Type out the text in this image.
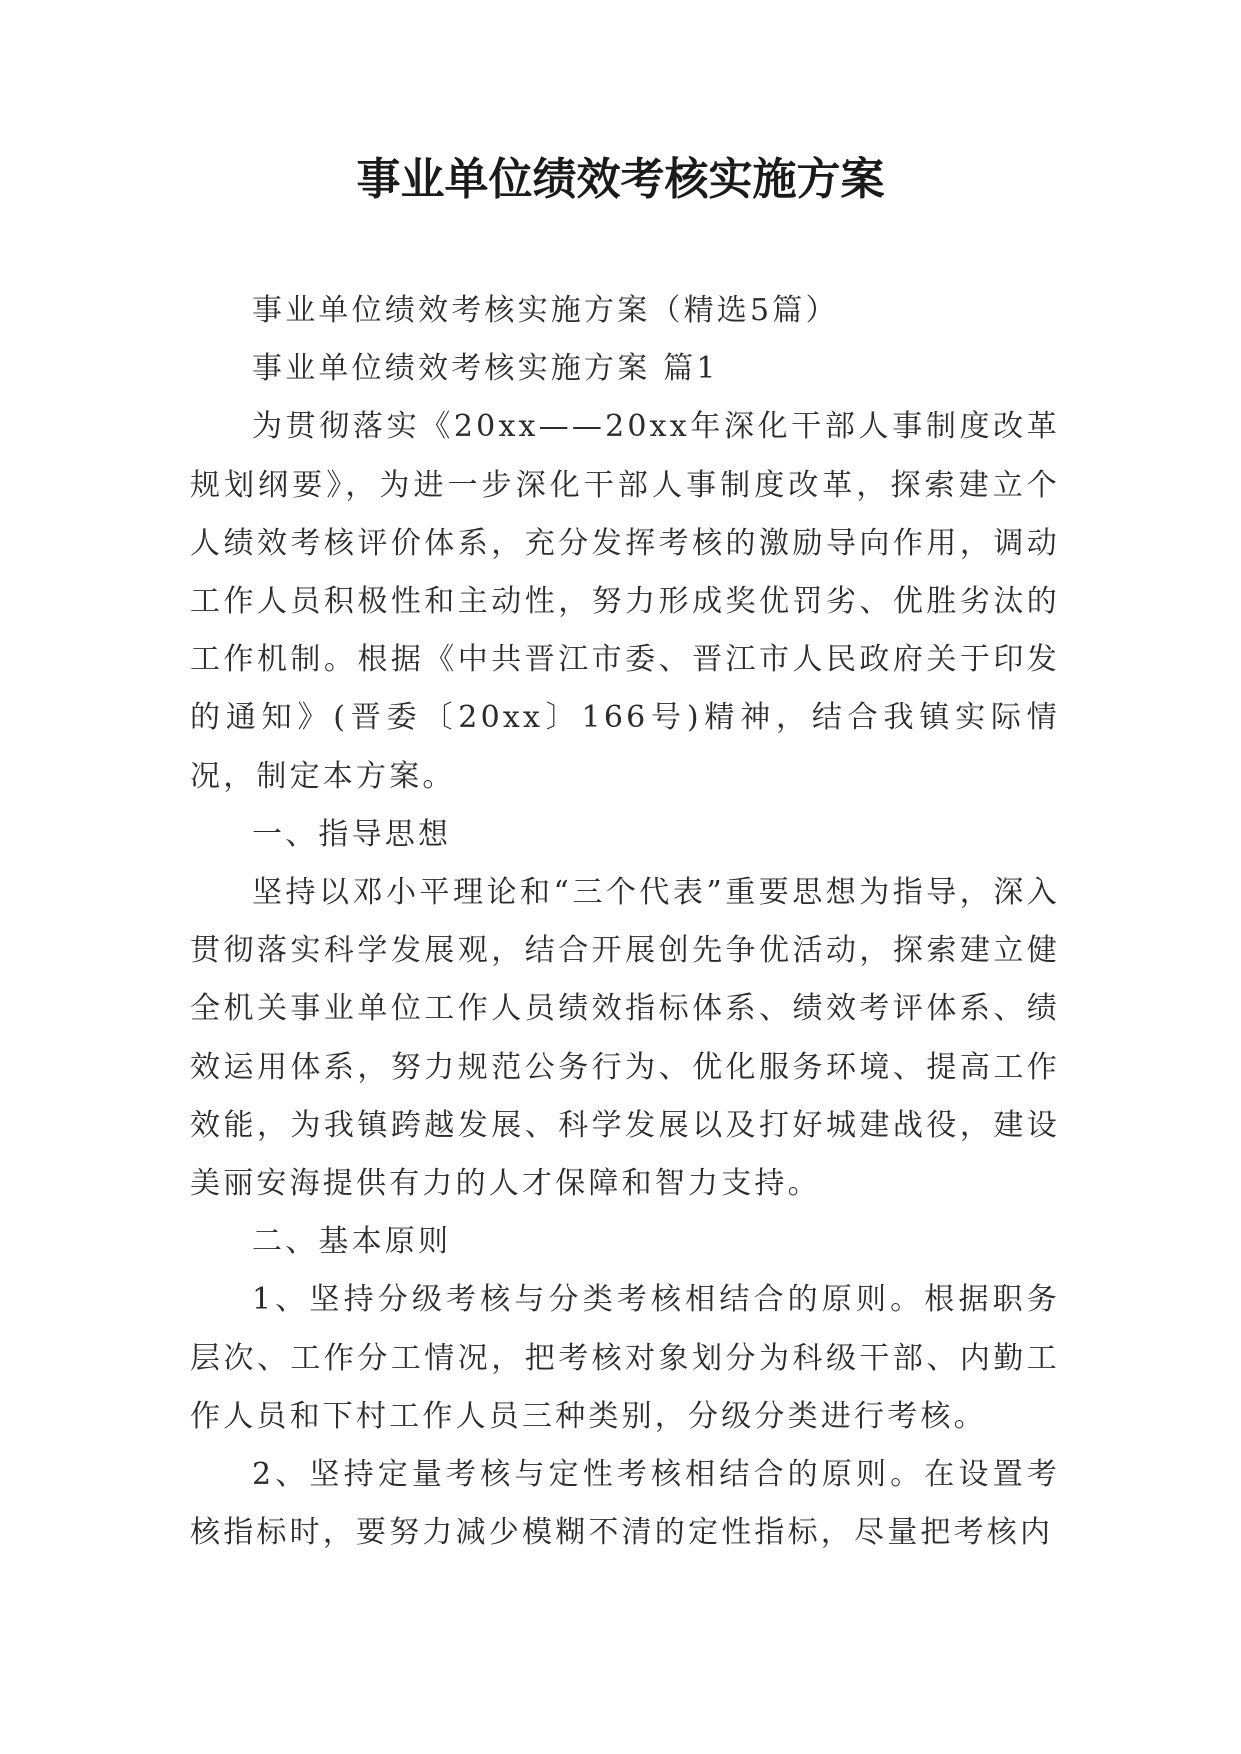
事业单位绩效考核实施方案

事业单位绩效考核实施方案（精选5篇）

事业单位绩效考核实施方案 篇1

为贯彻落实《20xx——20xx年深化干部人事制度改革规划纲要》，为进一步深化干部人事制度改革，探索建立个人绩效考核评价体系，充分发挥考核的激励导向作用，调动工作人员积极性和主动性，努力形成奖优罚劣、优胜劣汰的工作机制。根据《中共晋江市委、晋江市人民政府关于印发的通知》(晋委〔20xx〕166号)精神，结合我镇实际情况，制定本方案。

一、指导思想

坚持以邓小平理论和“三个代表”重要思想为指导，深入贯彻落实科学发展观，结合开展创先争优活动，探索建立健全机关事业单位工作人员绩效指标体系、绩效考评体系、绩效运用体系，努力规范公务行为、优化服务环境、提高工作效能，为我镇跨越发展、科学发展以及打好城建战役，建设美丽安海提供有力的人才保障和智力支持。

二、基本原则

1、坚持分级考核与分类考核相结合的原则。根据职务层次、工作分工情况，把考核对象划分为科级干部、内勤工作人员和下村工作人员三种类别，分级分类进行考核。

2、坚持定量考核与定性考核相结合的原则。在设置考核指标时，要努力减少模糊不清的定性指标，尽量把考核内
